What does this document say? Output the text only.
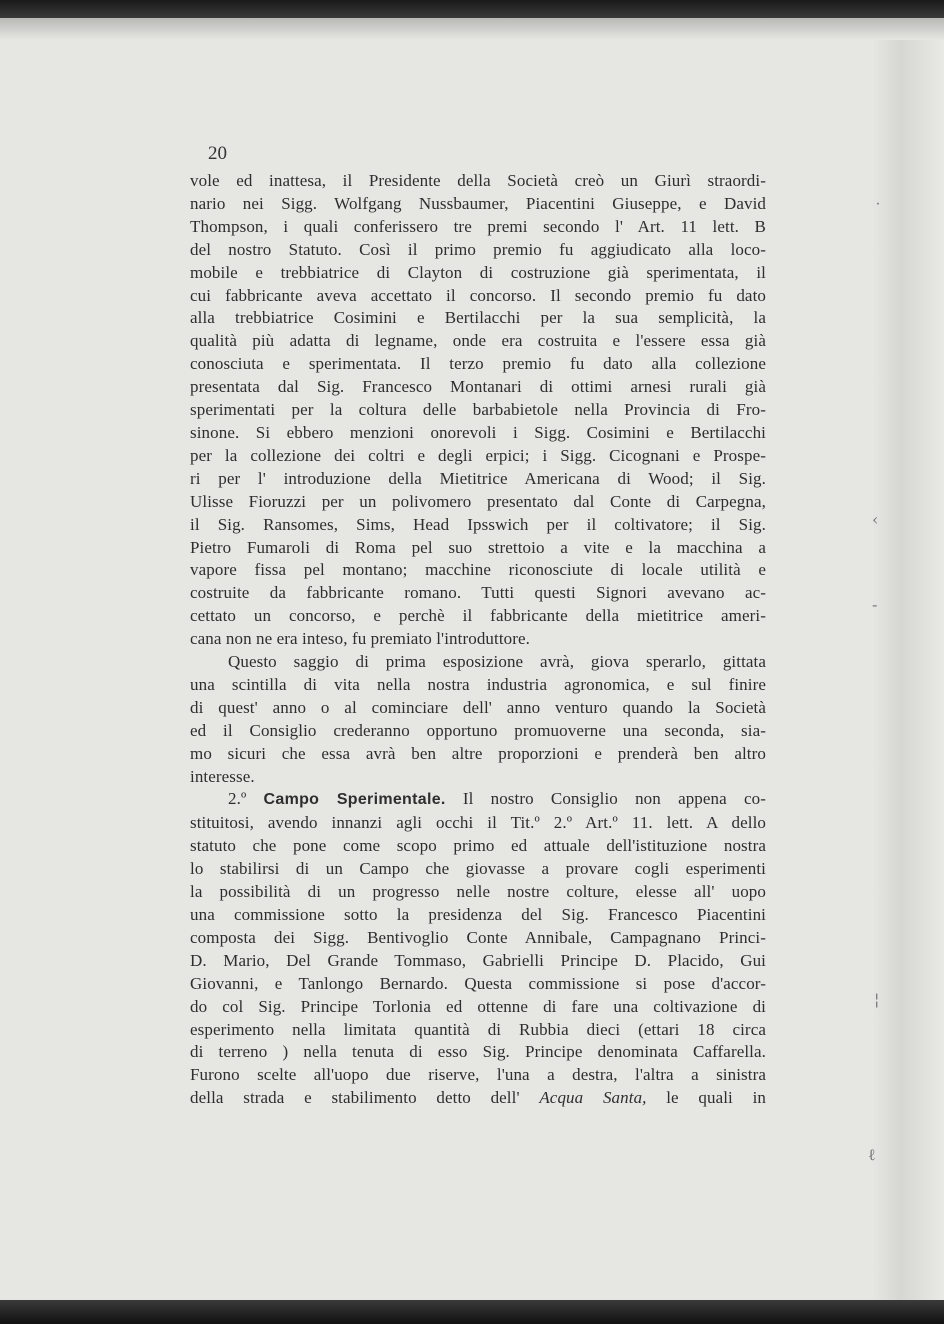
˙
‹
-
¦
ℓ
20

vole ed inattesa, il Presidente della Società creò un Giurì straordi-

nario nei Sigg. Wolfgang Nussbaumer, Piacentini Giuseppe, e David

Thompson, i quali conferissero tre premi secondo l' Art. 11 lett. B

del nostro Statuto. Così il primo premio fu aggiudicato alla loco-

mobile e trebbiatrice di Clayton di costruzione già sperimentata, il

cui fabbricante aveva accettato il concorso. Il secondo premio fu dato

alla trebbiatrice Cosimini e Bertilacchi per la sua semplicità, la

qualità più adatta di legname, onde era costruita e l'essere essa già

conosciuta e sperimentata. Il terzo premio fu dato alla collezione

presentata dal Sig. Francesco Montanari di ottimi arnesi rurali già

sperimentati per la coltura delle barbabietole nella Provincia di Fro-

sinone. Si ebbero menzioni onorevoli i Sigg. Cosimini e Bertilacchi

per la collezione dei coltri e degli erpici; i Sigg. Cicognani e Prospe-

ri per l' introduzione della Mietitrice Americana di Wood; il Sig.

Ulisse Fioruzzi per un polivomero presentato dal Conte di Carpegna,

il Sig. Ransomes, Sims, Head Ipsswich per il coltivatore; il Sig.

Pietro Fumaroli di Roma pel suo strettoio a vite e la macchina a

vapore fissa pel montano; macchine riconosciute di locale utilità e

costruite da fabbricante romano. Tutti questi Signori avevano ac-

cettato un concorso, e perchè il fabbricante della mietitrice ameri-

cana non ne era inteso, fu premiato l'introduttore.

Questo saggio di prima esposizione avrà, giova sperarlo, gittata

una scintilla di vita nella nostra industria agronomica, e sul finire

di quest' anno o al cominciare dell' anno venturo quando la Società

ed il Consiglio crederanno opportuno promuoverne una seconda, sia-

mo sicuri che essa avrà ben altre proporzioni e prenderà ben altro

interesse.

2.º Campo Sperimentale. Il nostro Consiglio non appena co-

stituitosi, avendo innanzi agli occhi il Tit.º 2.º Art.º 11. lett. A dello

statuto che pone come scopo primo ed attuale dell'istituzione nostra

lo stabilirsi di un Campo che giovasse a provare cogli esperimenti

la possibilità di un progresso nelle nostre colture, elesse all' uopo

una commissione sotto la presidenza del Sig. Francesco Piacentini

composta dei Sigg. Bentivoglio Conte Annibale, Campagnano Princi-

D. Mario, Del Grande Tommaso, Gabrielli Principe D. Placido, Gui

Giovanni, e Tanlongo Bernardo. Questa commissione si pose d'accor-

do col Sig. Principe Torlonia ed ottenne di fare una coltivazione di

esperimento nella limitata quantità di Rubbia dieci (ettari 18 circa

di terreno ) nella tenuta di esso Sig. Principe denominata Caffarella.

Furono scelte all'uopo due riserve, l'una a destra, l'altra a sinistra

della strada e stabilimento detto dell' Acqua Santa, le quali in
